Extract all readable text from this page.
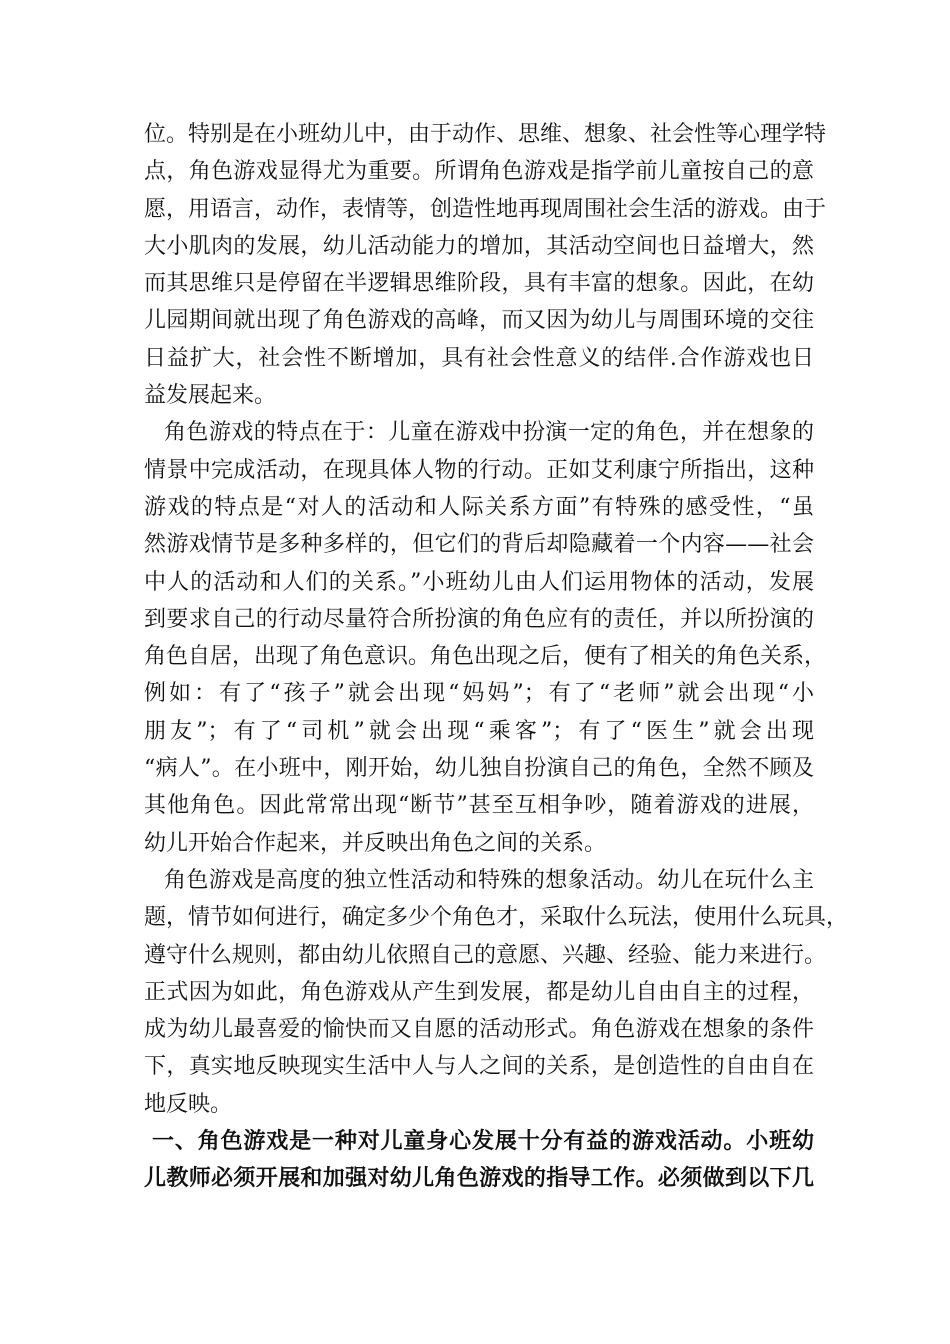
位。特别是在小班幼儿中，由于动作、思维、想象、社会性等心理学特
点，角色游戏显得尤为重要。所谓角色游戏是指学前儿童按自己的意
愿，用语言，动作，表情等，创造性地再现周围社会生活的游戏。由于
大小肌肉的发展，幼儿活动能力的增加，其活动空间也日益增大，然
而其思维只是停留在半逻辑思维阶段，具有丰富的想象。因此，在幼
儿园期间就出现了角色游戏的高峰，而又因为幼儿与周围环境的交往
日益扩大，社会性不断增加，具有社会性意义的结伴.合作游戏也日
益发展起来。
角色游戏的特点在于：儿童在游戏中扮演一定的角色，并在想象的
情景中完成活动，在现具体人物的行动。正如艾利康宁所指出，这种
游戏的特点是“对人的活动和人际关系方面”有特殊的感受性，“虽
然游戏情节是多种多样的，但它们的背后却隐藏着一个内容——社会
中人的活动和人们的关系。”小班幼儿由人们运用物体的活动，发展
到要求自己的行动尽量符合所扮演的角色应有的责任，并以所扮演的
角色自居，出现了角色意识。角色出现之后，便有了相关的角色关系，
例如：有了“孩子”就会出现“妈妈”；有了“老师”就会出现“小
朋友”；有了“司机”就会出现“乘客”；有了“医生”就会出现
“病人”。在小班中，刚开始，幼儿独自扮演自己的角色，全然不顾及
其他角色。因此常常出现“断节”甚至互相争吵，随着游戏的进展，
幼儿开始合作起来，并反映出角色之间的关系。
角色游戏是高度的独立性活动和特殊的想象活动。幼儿在玩什么主
题，情节如何进行，确定多少个角色才，采取什么玩法，使用什么玩具，
遵守什么规则，都由幼儿依照自己的意愿、兴趣、经验、能力来进行。
正式因为如此，角色游戏从产生到发展，都是幼儿自由自主的过程，
成为幼儿最喜爱的愉快而又自愿的活动形式。角色游戏在想象的条件
下，真实地反映现实生活中人与人之间的关系，是创造性的自由自在
地反映。
一、角色游戏是一种对儿童身心发展十分有益的游戏活动。小班幼
儿教师必须开展和加强对幼儿角色游戏的指导工作。必须做到以下几
